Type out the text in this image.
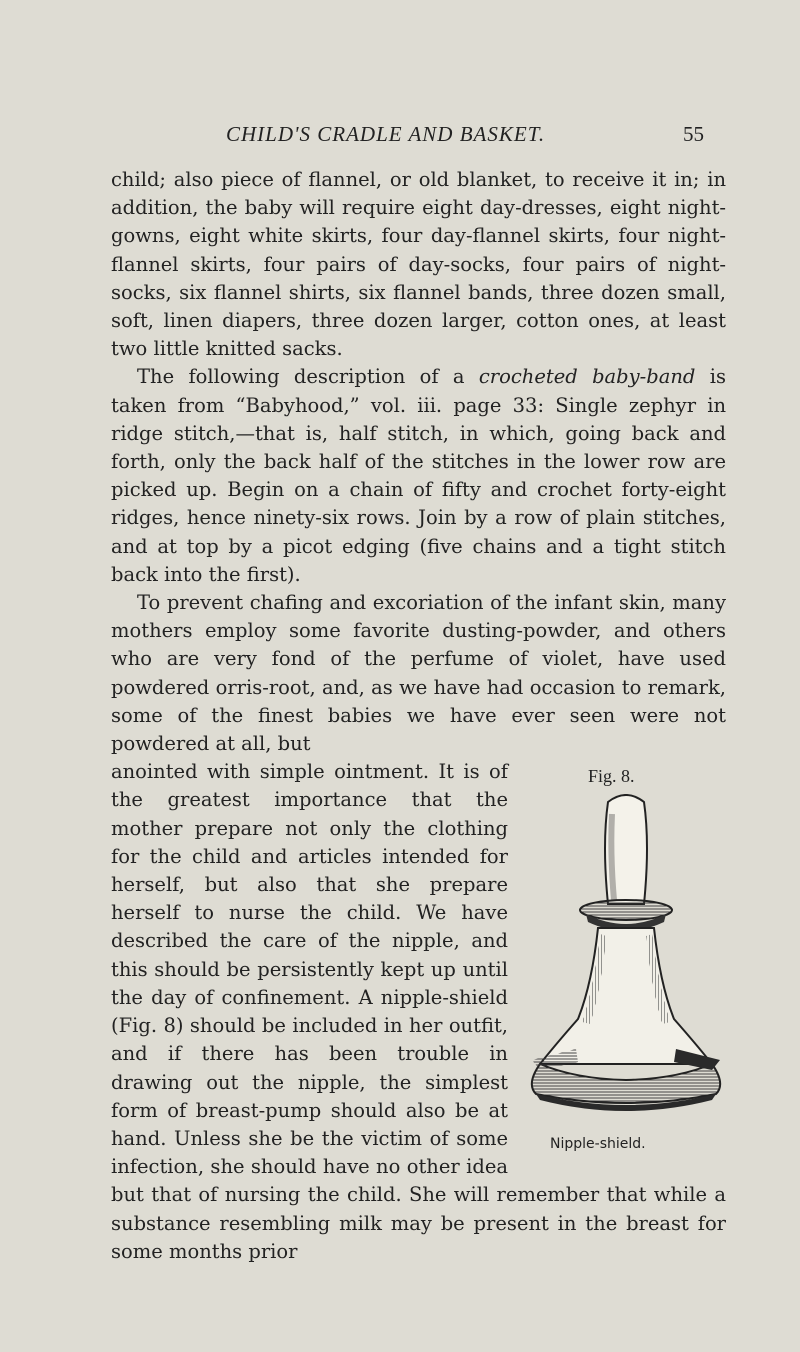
CHILD'S CRADLE AND BASKET.	55

child; also piece of flannel, or old blanket, to receive it in; in addition, the baby will require eight day-dresses, eight night-gowns, eight white skirts, four day-flannel skirts, four night-flannel skirts, four pairs of day-socks, four pairs of night-socks, six flannel shirts, six flannel bands, three dozen small, soft, linen diapers, three dozen larger, cotton ones, at least two little knitted sacks.

The following description of a crocheted baby-band is taken from “Babyhood,” vol. iii. page 33: Single zephyr in ridge stitch,—that is, half stitch, in which, going back and forth, only the back half of the stitches in the lower row are picked up. Begin on a chain of fifty and crochet forty-eight ridges, hence ninety-six rows. Join by a row of plain stitches, and at top by a picot edging (five chains and a tight stitch back into the first).

To prevent chafing and excoriation of the infant skin, many mothers employ some favorite dusting-powder, and others who are very fond of the perfume of violet, have used powdered orris-root, and, as we have had occasion to remark, some of the finest babies we have ever seen were not powdered at all, but

Fig. 8.
Nipple-shield.
anointed with simple ointment. It is of the greatest importance that the mother prepare not only the clothing for the child and articles intended for herself, but also that she prepare herself to nurse the child. We have described the care of the nipple, and this should be persistently kept up until the day of confinement. A nipple-shield (Fig. 8) should be included in her outfit, and if there has been trouble in drawing out the nipple, the simplest form of breast-pump should also be at hand. Unless she be the victim of some infection, she should have no other idea but that of nursing the child. She will remember that while a substance resembling milk may be present in the breast for some months prior
